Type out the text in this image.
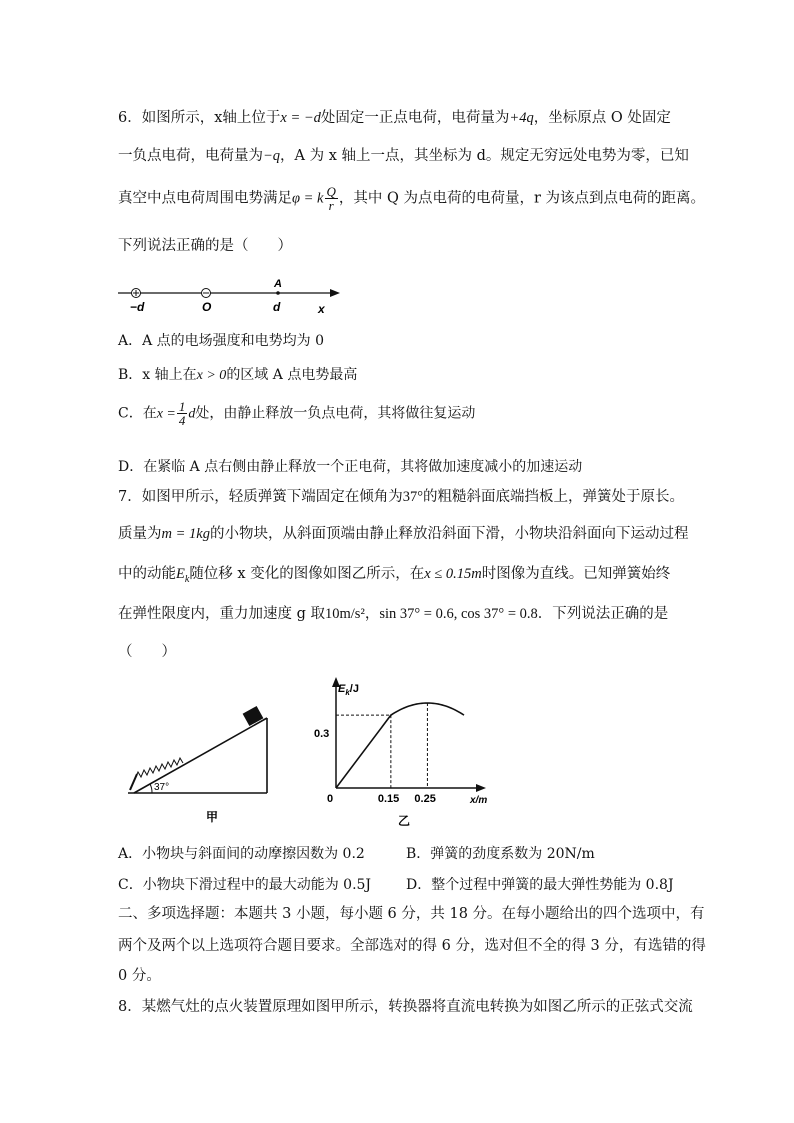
6．如图所示，x轴上位于x = −d处固定一正点电荷，电荷量为+4q，坐标原点 O 处固定
一负点电荷，电荷量为−q，A 为 x 轴上一点，其坐标为 d。规定无穷远处电势为零，已知
真空中点电荷周围电势满足φ = k $\frac{Q}{r}$ ，其中 Q 为点电荷的电荷量，r 为该点到点电荷的距离。
下列说法正确的是（　　）
−d	O
A
d	x
A．A 点的电场强度和电势均为 0
B．x 轴上在x > 0的区域 A 点电势最高
C．在$x = \frac{1}{4}$ d处，由静止释放一负点电荷，其将做往复运动
D．在紧临 A 点右侧由静止释放一个正电荷，其将做加速度减小的加速运动
7．如图甲所示，轻质弹簧下端固定在倾角为37°的粗糙斜面底端挡板上，弹簧处于原长。
质量为m = 1kg的小物块，从斜面顶端由静止释放沿斜面下滑，小物块沿斜面向下运动过程
中的动能$E_k$随位移 x 变化的图像如图乙所示，在x ≤ 0.15m时图像为直线。已知弹簧始终
在弹性限度内，重力加速度 g 取10m/s²，sin 37° = 0.6, cos 37° = 0.8．下列说法正确的是
（　　）
37°
甲
$E_k/J$
0.3
0	0.15 0.25	x/m
乙
A．小物块与斜面间的动摩擦因数为 0.2	B．弹簧的劲度系数为 20N/m
C．小物块下滑过程中的最大动能为 0.5J D．整个过程中弹簧的最大弹性势能为 0.8J
二、多项选择题：本题共 3 小题，每小题 6 分，共 18 分。在每小题给出的四个选项中，有
两个及两个以上选项符合题目要求。全部选对的得 6 分，选对但不全的得 3 分，有选错的得
0 分。
8．某燃气灶的点火装置原理如图甲所示，转换器将直流电转换为如图乙所示的正弦式交流
